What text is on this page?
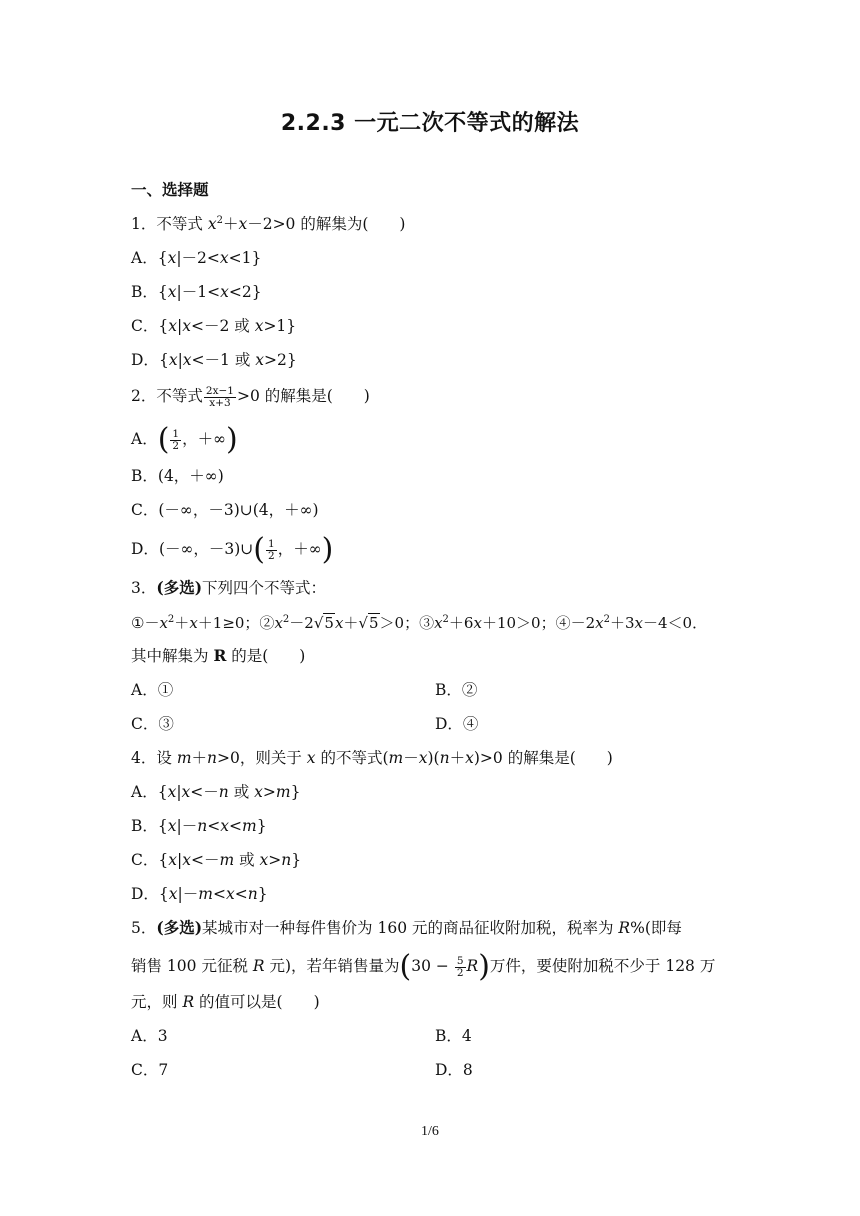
2.2.3 一元二次不等式的解法
一、选择题
1．不等式 $x^2+x-2>0$ 的解集为(　　)
A．{x|－2<x<1}
B．{x|－1<x<2}
C．{x|x<－2 或 x>1}
D．{x|x<－1 或 x>2}
2．不等式 $\frac{2x-1}{x+3} >0$ 的解集是(　　)
A．( $\frac{1}{2}$ ，＋∞)
B．(4，＋∞)
C．(－∞，－3)∪(4，＋∞)
D．(－∞，－3)∪( $\frac{1}{2}$ ，＋∞)
3．(多选)下列四个不等式：
$①-x^2+x+1\ge 0$；$②x^2-2√5x+√5>0$；$③x^2+6x+10>0$；$④-2x^2+3x-4<0$．
其中解集为 R 的是(　　)
A．①	B．②
C．③	D．④
4．设 m＋n>0，则关于 x 的不等式(m－x)(n＋x)>0 的解集是(　　)
A．{x|x<－n 或 x>m}
B．{x|－n<x<m}
C．{x|x<－m 或 x>n}
D．{x|－m<x<n}
5．(多选)某城市对一种每件售价为 160 元的商品征收附加税，税率为 R%(即每
销售 100 元征税 R 元)，若年销售量为$(30 - \frac{5}{2} R)$万件，要使附加税不少于 128 万
元，则 R 的值可以是(　　)
A．3	B．4
C．7	D．8
1/6
